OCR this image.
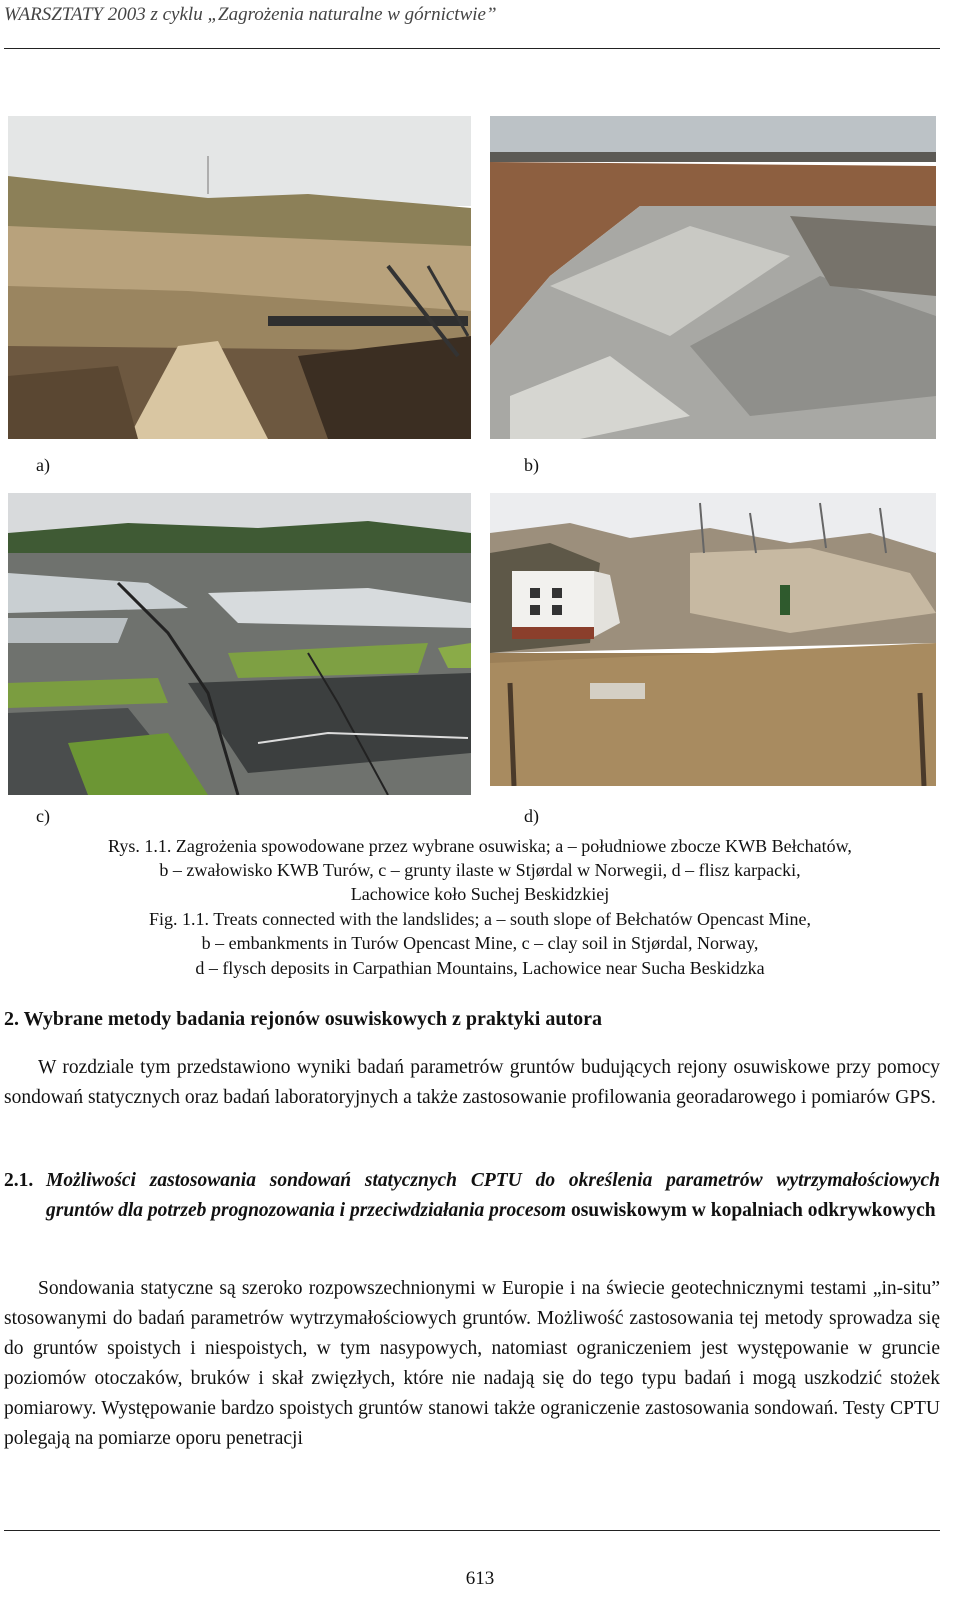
WARSZTATY 2003 z cyklu „Zagrożenia naturalne w górnictwie”
a)	b)
c)	d)
Rys. 1.1. Zagrożenia spowodowane przez wybrane osuwiska; a – południowe zbocze KWB Bełchatów,
b – zwałowisko KWB Turów, c – grunty ilaste w Stjørdal w Norwegii, d – flisz karpacki,
Lachowice koło Suchej Beskidzkiej
Fig. 1.1. Treats connected with the landslides; a – south slope of Bełchatów Opencast Mine,
b – embankments in Turów Opencast Mine, c – clay soil in Stjørdal, Norway,
d – flysch deposits in Carpathian Mountains, Lachowice near Sucha Beskidzka
2. Wybrane metody badania rejonów osuwiskowych z praktyki autora
W rozdziale tym przedstawiono wyniki badań parametrów gruntów budujących rejony osuwiskowe przy pomocy sondowań statycznych oraz badań laboratoryjnych a także zastosowanie profilowania georadarowego i pomiarów GPS.
2.1. Możliwości zastosowania sondowań statycznych CPTU do określenia parametrów wytrzymałościowych gruntów dla potrzeb prognozowania i przeciwdziałania procesom osuwiskowym w kopalniach odkrywkowych
Sondowania statyczne są szeroko rozpowszechnionymi w Europie i na świecie geotechnicznymi testami „in-situ” stosowanymi do badań parametrów wytrzymałościowych gruntów. Możliwość zastosowania tej metody sprowadza się do gruntów spoistych i niespoistych, w tym nasypowych, natomiast ograniczeniem jest występowanie w gruncie poziomów otoczaków, bruków i skał zwięzłych, które nie nadają się do tego typu badań i mogą uszkodzić stożek pomiarowy. Występowanie bardzo spoistych gruntów stanowi także ograniczenie zastosowania sondowań. Testy CPTU polegają na pomiarze oporu penetracji
613
